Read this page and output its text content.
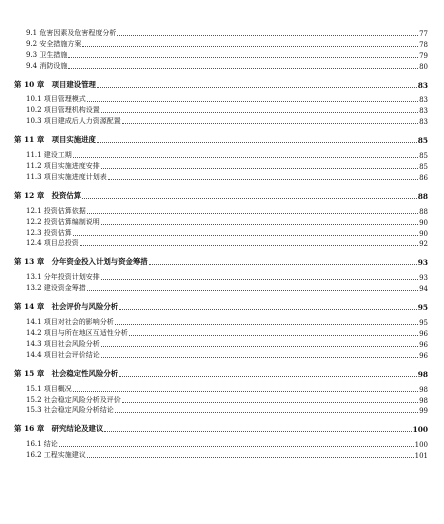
9.1 危害因素及危害程度分析	77
9.2 安全措施方案	78
9.3 卫生措施	79
9.4 消防设施	80
第 10 章　项目建设管理	83
10.1 项目管理模式	83
10.2 项目管理机构设置	83
10.3 项目建成后人力资源配置	83
第 11 章　项目实施进度	85
11.1 建设工期	85
11.2 项目实施进度安排	85
11.3 项目实施进度计划表	86
第 12 章　投资估算	88
12.1 投资估算依据	88
12.2 投资估算编制说明	90
12.3 投资估算	90
12.4 项目总投资	92
第 13 章　分年资金投入计划与资金筹措	93
13.1 分年投资计划安排	93
13.2 建设资金筹措	94
第 14 章　社会评价与风险分析	95
14.1 项目对社会的影响分析	95
14.2 项目与所在地区互适性分析	96
14.3 项目社会风险分析	96
14.4 项目社会评价结论	96
第 15 章　社会稳定性风险分析	98
15.1 项目概况	98
15.2 社会稳定风险分析及评价	98
15.3 社会稳定风险分析结论	99
第 16 章　研究结论及建议	100
16.1 结论	100
16.2 工程实施建议	101
